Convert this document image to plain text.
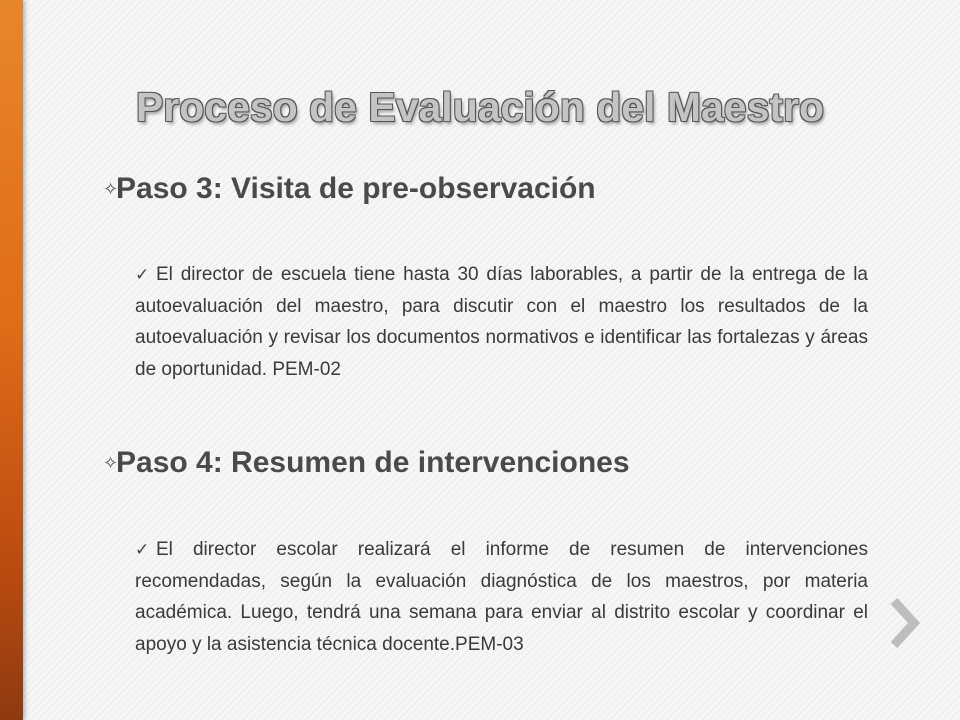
Proceso de Evaluación del Maestro
✧
Paso 3: Visita de pre-observación

✓ El director de escuela tiene hasta 30 días laborables, a partir de la entrega de la autoevaluación del maestro, para discutir con el maestro los resultados de la autoevaluación y revisar los documentos normativos e identificar las fortalezas y áreas de oportunidad. PEM-02

✧
Paso 4: Resumen de intervenciones

✓ El director escolar realizará el informe de resumen de intervenciones recomendadas, según la evaluación diagnóstica de los maestros, por materia académica. Luego, tendrá una semana para enviar al distrito escolar y coordinar el apoyo y la asistencia técnica docente.PEM-03
